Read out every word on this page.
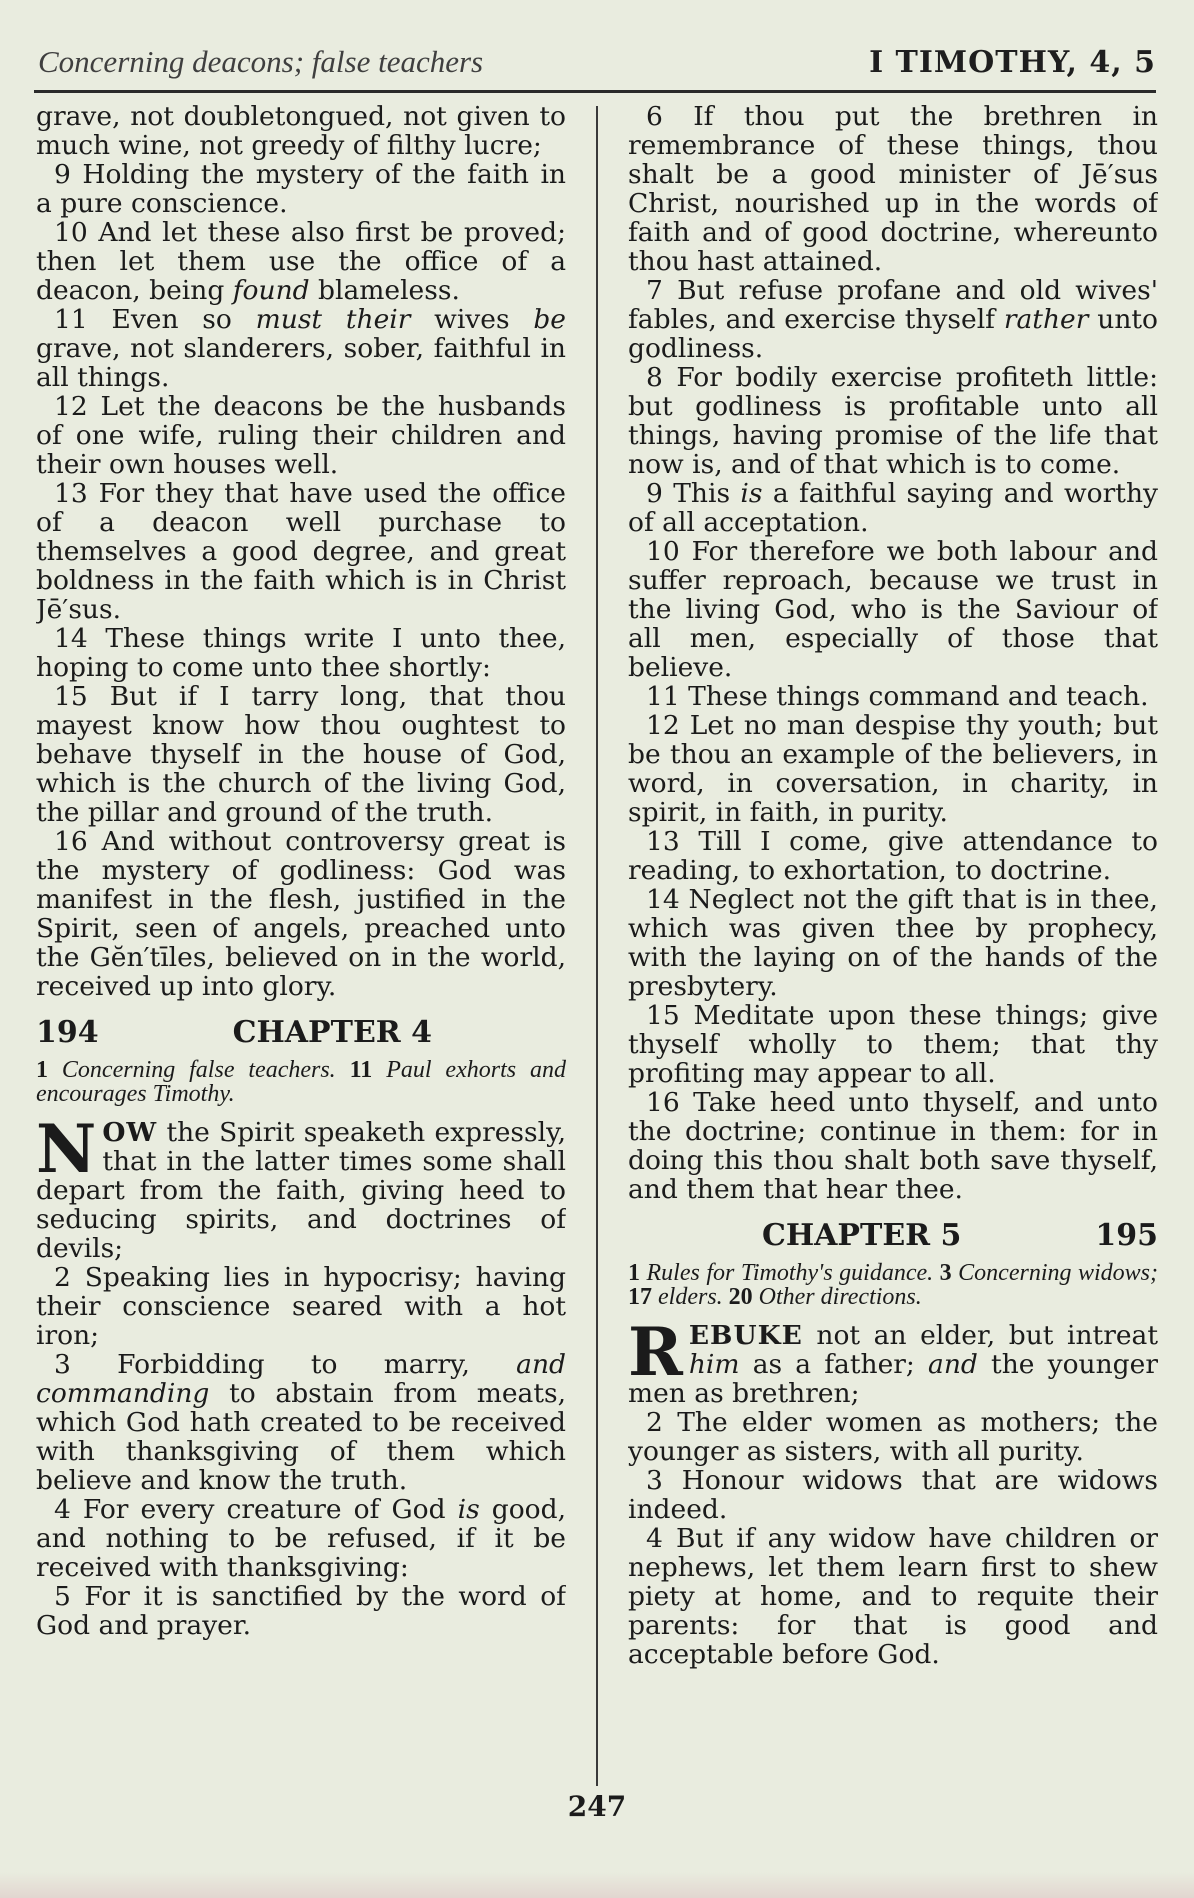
Concerning deacons; false teachers	I TIMOTHY, 4, 5

grave, not doubletongued, not given to much wine, not greedy of filthy lucre;

9 Holding the mystery of the faith in a pure conscience.

10 And let these also first be proved; then let them use the office of a deacon, being found blameless.

11 Even so must their wives be grave, not slanderers, sober, faithful in all things.

12 Let the deacons be the husbands of one wife, ruling their children and their own houses well.

13 For they that have used the office of a deacon well purchase to themselves a good degree, and great boldness in the faith which is in Christ Jē′sus.

14 These things write I unto thee, hoping to come unto thee shortly:

15 But if I tarry long, that thou mayest know how thou oughtest to behave thyself in the house of God, which is the church of the living God, the pillar and ground of the truth.

16 And without controversy great is the mystery of godliness: God was manifest in the flesh, justified in the Spirit, seen of angels, preached unto the Gĕn′tīles, believed on in the world, received up into glory.

194	CHAPTER 4

1 Concerning false teachers. 11 Paul exhorts and encourages Timothy.

NOW the Spirit speaketh expressly, that in the latter times some shall depart from the faith, giving heed to seducing spirits, and doctrines of devils;

2 Speaking lies in hypocrisy; having their conscience seared with a hot iron;

3 Forbidding to marry, and commanding to abstain from meats, which God hath created to be received with thanksgiving of them which believe and know the truth.

4 For every creature of God is good, and nothing to be refused, if it be received with thanksgiving:

5 For it is sanctified by the word of God and prayer.

6 If thou put the brethren in remembrance of these things, thou shalt be a good minister of Jē′sus Christ, nourished up in the words of faith and of good doctrine, whereunto thou hast attained.

7 But refuse profane and old wives' fables, and exercise thyself rather unto godliness.

8 For bodily exercise profiteth little: but godliness is profitable unto all things, having promise of the life that now is, and of that which is to come.

9 This is a faithful saying and worthy of all acceptation.

10 For therefore we both labour and suffer reproach, because we trust in the living God, who is the Saviour of all men, especially of those that believe.

11 These things command and teach.

12 Let no man despise thy youth; but be thou an example of the believers, in word, in coversation, in charity, in spirit, in faith, in purity.

13 Till I come, give attendance to reading, to exhortation, to doctrine.

14 Neglect not the gift that is in thee, which was given thee by prophecy, with the laying on of the hands of the presbytery.

15 Meditate upon these things; give thyself wholly to them; that thy profiting may appear to all.

16 Take heed unto thyself, and unto the doctrine; continue in them: for in doing this thou shalt both save thyself, and them that hear thee.

CHAPTER 5	195

1 Rules for Timothy's guidance. 3 Concerning widows; 17 elders. 20 Other directions.

REBUKE not an elder, but intreat him as a father; and the younger men as brethren;

2 The elder women as mothers; the younger as sisters, with all purity.

3 Honour widows that are widows indeed.

4 But if any widow have children or nephews, let them learn first to shew piety at home, and to requite their parents: for that is good and acceptable before God.

247
